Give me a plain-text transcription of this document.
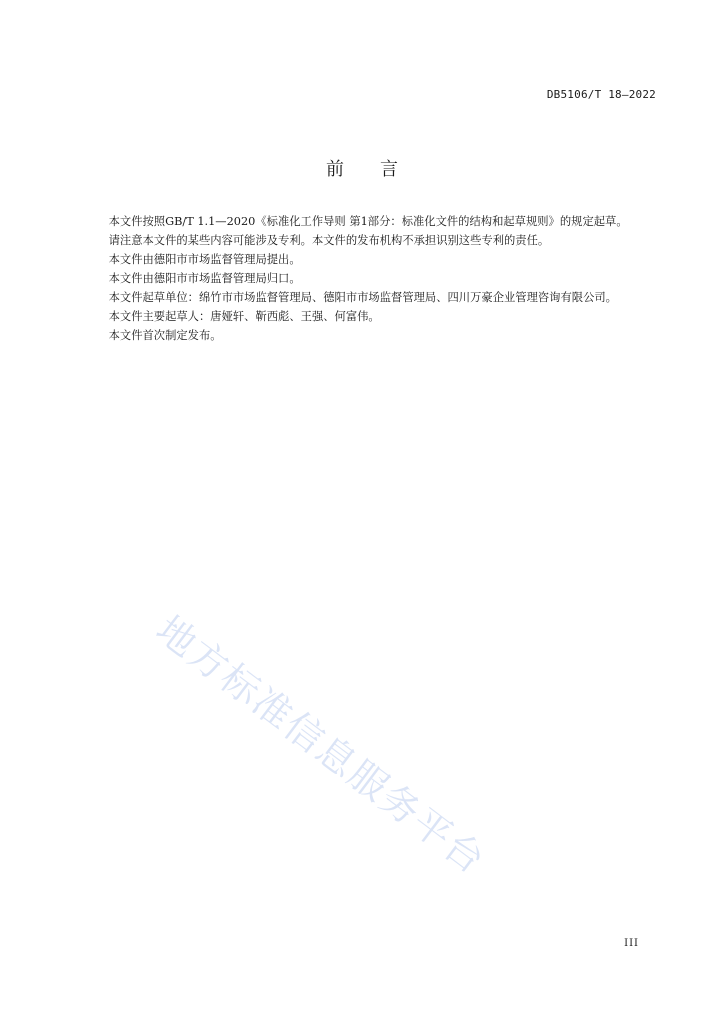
DB5106/T 18—2022
前言

本文件按照GB/T 1.1—2020《标准化工作导则 第1部分：标准化文件的结构和起草规则》的规定起草。

请注意本文件的某些内容可能涉及专利。本文件的发布机构不承担识别这些专利的责任。

本文件由德阳市市场监督管理局提出。

本文件由德阳市市场监督管理局归口。

本文件起草单位：绵竹市市场监督管理局、德阳市市场监督管理局、四川万豪企业管理咨询有限公司。

本文件主要起草人：唐娅轩、靳西彪、王强、何富伟。

本文件首次制定发布。

地方标准信息服务平台
III
